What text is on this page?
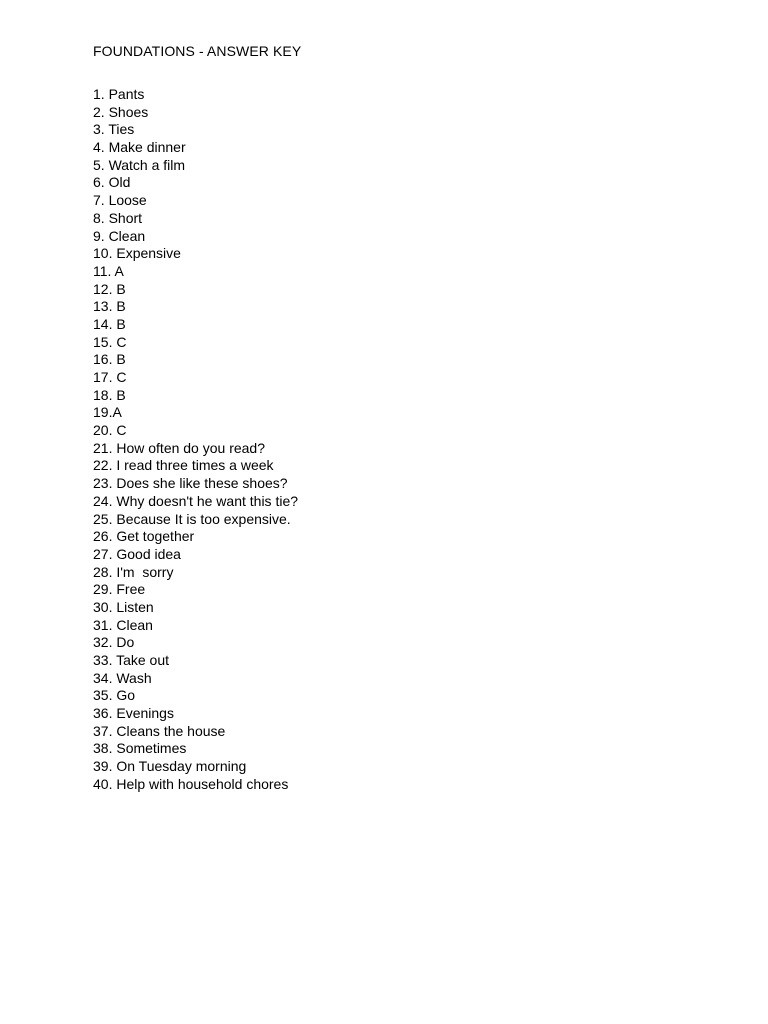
FOUNDATIONS - ANSWER KEY
1. Pants
2. Shoes
3. Ties
4. Make dinner
5. Watch a film
6. Old
7. Loose
8. Short
9. Clean
10. Expensive
11. A
12. B
13. B
14. B
15. C
16. B
17. C
18. B
19.A
20. C
21. How often do you read?
22. I read three times a week
23. Does she like these shoes?
24. Why doesn't he want this tie?
25. Because It is too expensive.
26. Get together
27. Good idea
28. I'm  sorry
29. Free
30. Listen
31. Clean
32. Do
33. Take out
34. Wash
35. Go
36. Evenings
37. Cleans the house
38. Sometimes
39. On Tuesday morning
40. Help with household chores
